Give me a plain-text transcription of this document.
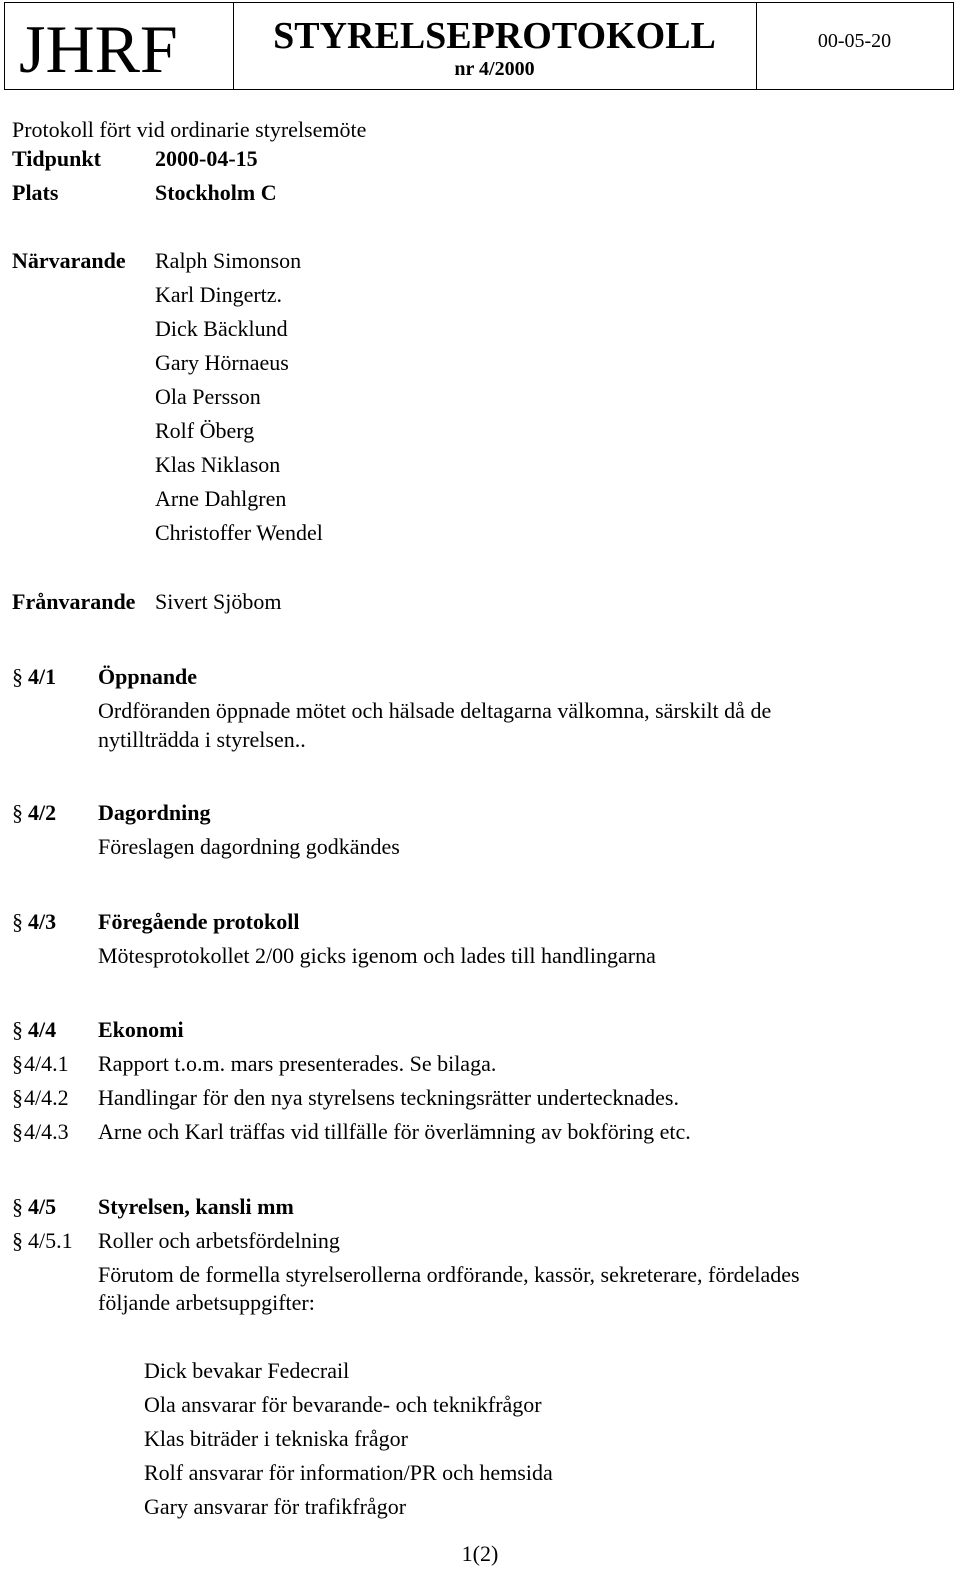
JHRF	STYRELSEPROTOKOLL
nr 4/2000
00-05-20
Protokoll fört vid ordinarie styrelsemöte
Tidpunkt 2000-04-15
Plats	Stockholm C
Närvarande Ralph Simonson
Karl Dingertz.
Dick Bäcklund
Gary Hörnaeus
Ola Persson
Rolf Öberg
Klas Niklason
Arne Dahlgren
Christoffer Wendel
Frånvarande Sivert Sjöbom
§ 4/1 Öppnande
Ordföranden öppnade mötet och hälsade deltagarna välkomna, särskilt då de
nytillträdda i styrelsen..
§ 4/2 Dagordning
Föreslagen dagordning godkändes
§ 4/3 Föregående protokoll
Mötesprotokollet 2/00 gicks igenom och lades till handlingarna
§ 4/4 Ekonomi
§ 4/4.1 Rapport t.o.m. mars presenterades. Se bilaga.
§ 4/4.2 Handlingar för den nya styrelsens teckningsrätter undertecknades.
§ 4/4.3 Arne och Karl träffas vid tillfälle för överlämning av bokföring etc.
§ 4/5 Styrelsen, kansli mm
§ 4/5.1 Roller och arbetsfördelning
Förutom de formella styrelserollerna ordförande, kassör, sekreterare, fördelades
följande arbetsuppgifter:
Dick bevakar Fedecrail
Ola ansvarar för bevarande- och teknikfrågor
Klas biträder i tekniska frågor
Rolf ansvarar för information/PR och hemsida
Gary ansvarar för trafikfrågor
1(2)
